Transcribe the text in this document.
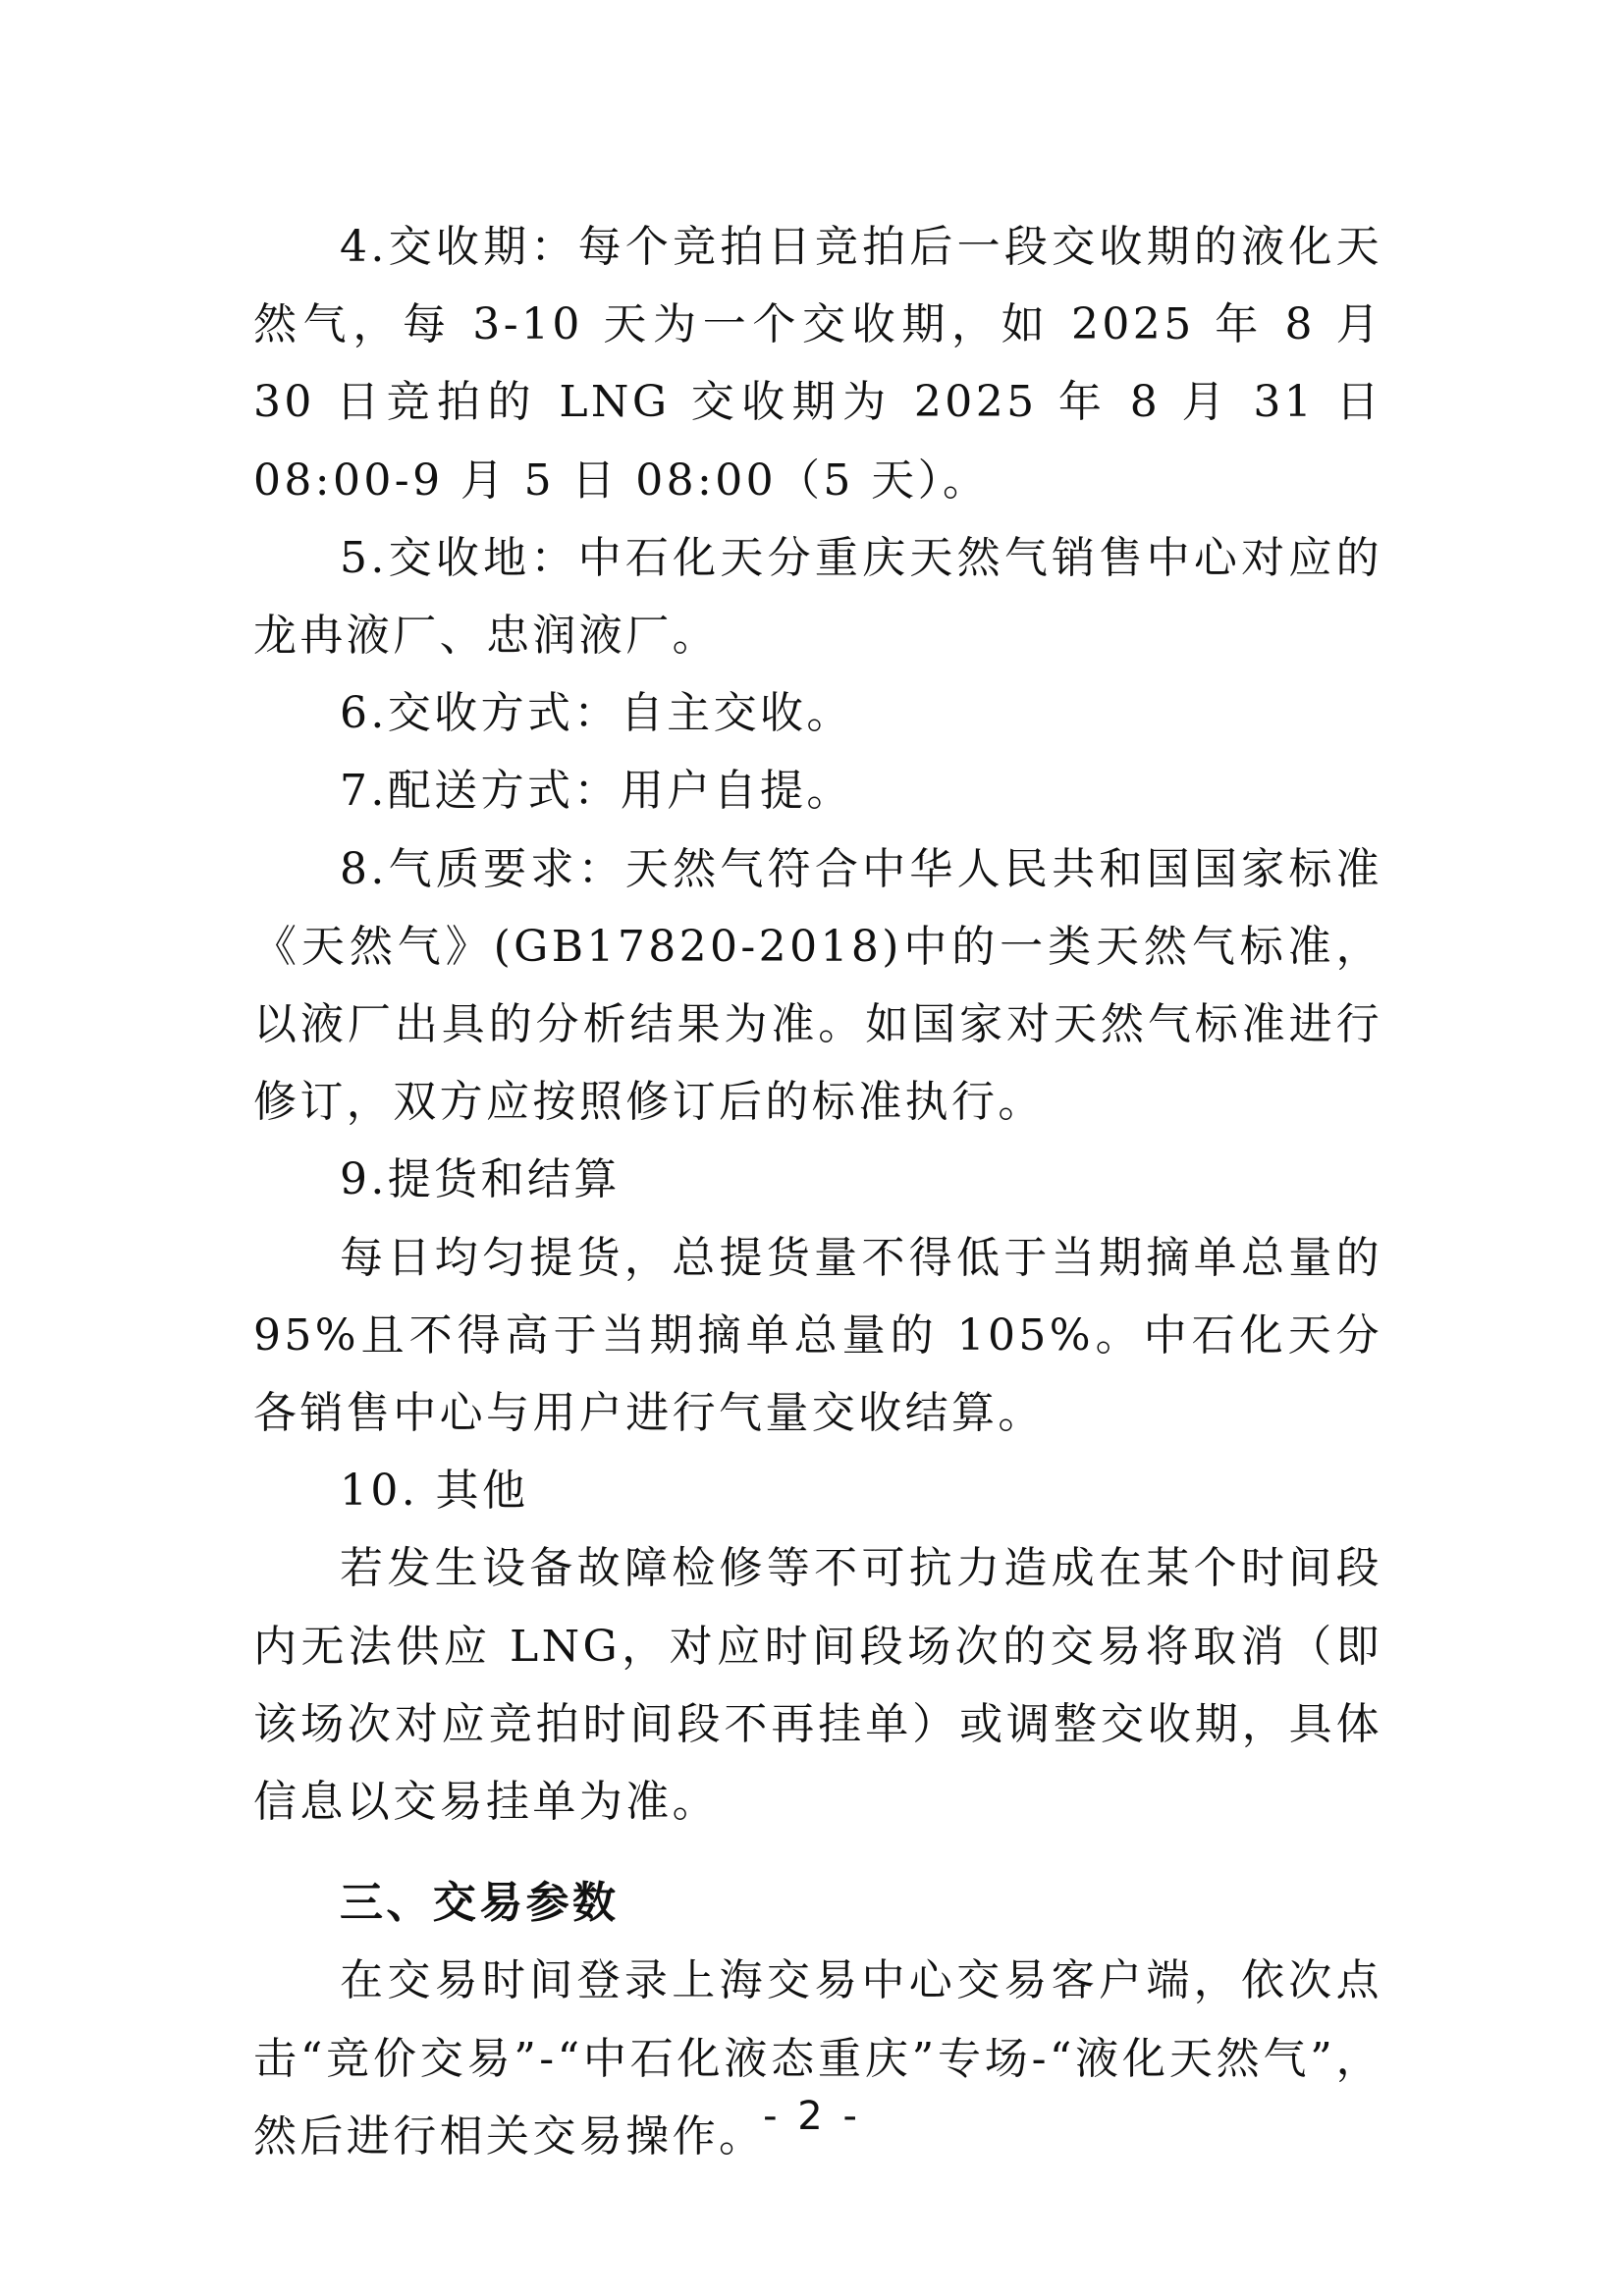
4.交收期：每个竞拍日竞拍后一段交收期的液化天然气，每 3-10 天为一个交收期，如 2025 年 8 月 30 日竞拍的 LNG 交收期为 2025 年 8 月 31 日 08:00-9 月 5 日 08:00（5 天）。

5.交收地：中石化天分重庆天然气销售中心对应的龙冉液厂、忠润液厂。

6.交收方式：自主交收。

7.配送方式：用户自提。

8.气质要求：天然气符合中华人民共和国国家标准《天然气》(GB17820-2018)中的一类天然气标准，以液厂出具的分析结果为准。如国家对天然气标准进行修订，双方应按照修订后的标准执行。

9.提货和结算

每日均匀提货，总提货量不得低于当期摘单总量的 95%且不得高于当期摘单总量的 105%。中石化天分各销售中心与用户进行气量交收结算。

10. 其他

若发生设备故障检修等不可抗力造成在某个时间段内无法供应 LNG，对应时间段场次的交易将取消（即该场次对应竞拍时间段不再挂单）或调整交收期，具体信息以交易挂单为准。

三、交易参数

在交易时间登录上海交易中心交易客户端，依次点击“竞价交易”-“中石化液态重庆”专场-“液化天然气”，然后进行相关交易操作。

- 2 -
